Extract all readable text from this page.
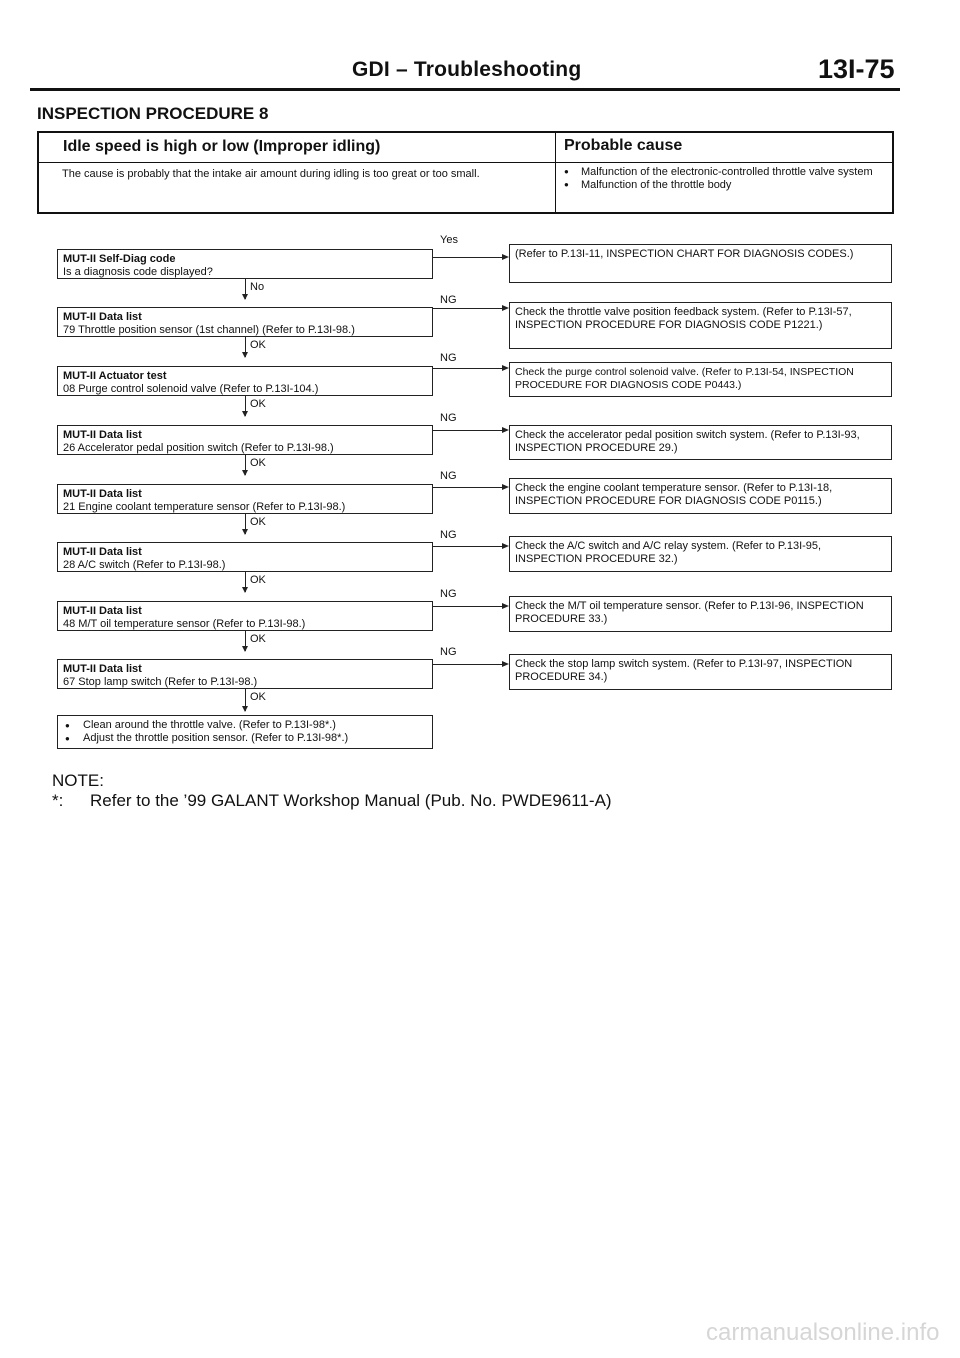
GDI – Troubleshooting	13I-75
INSPECTION PROCEDURE 8
Idle speed is high or low (Improper idling)	Probable cause
The cause is probably that the intake air amount during idling is too great or too small.
●	Malfunction of the electronic-controlled throttle valve system
● Malfunction of the throttle body
MUT-II Self-Diag code
Is a diagnosis code displayed?
Yes
(Refer to P.13I-11, INSPECTION CHART FOR DIAGNOSIS CODES.)
No
MUT-II Data list
79 Throttle position sensor (1st channel) (Refer to P.13I-98.)
NG
Check the throttle valve position feedback system. (Refer to P.13I-57, INSPECTION PROCEDURE FOR DIAGNOSIS CODE P1221.)
OK
MUT-II Actuator test
08 Purge control solenoid valve (Refer to P.13I-104.)
NG
Check the purge control solenoid valve. (Refer to P.13I-54, INSPECTION PROCEDURE FOR DIAGNOSIS CODE P0443.)
OK
MUT-II Data list
26 Accelerator pedal position switch (Refer to P.13I-98.)
NG
Check the accelerator pedal position switch system. (Refer to P.13I-93, INSPECTION PROCEDURE 29.)
OK
MUT-II Data list
21 Engine coolant temperature sensor (Refer to P.13I-98.)
NG
Check the engine coolant temperature sensor. (Refer to P.13I-18, INSPECTION PROCEDURE FOR DIAGNOSIS CODE P0115.)
OK
MUT-II Data list
28 A/C switch (Refer to P.13I-98.)
NG
Check the A/C switch and A/C relay system. (Refer to P.13I-95, INSPECTION PROCEDURE 32.)
OK
MUT-II Data list
48 M/T oil temperature sensor (Refer to P.13I-98.)
NG
Check the M/T oil temperature sensor. (Refer to P.13I-96, INSPECTION PROCEDURE 33.)
OK
MUT-II Data list
67 Stop lamp switch (Refer to P.13I-98.)
NG
Check the stop lamp switch system. (Refer to P.13I-97, INSPECTION PROCEDURE 34.)
OK
● Clean around the throttle valve. (Refer to P.13I-98*.)
● Adjust the throttle position sensor. (Refer to P.13I-98*.)
NOTE:
*: Refer to the ’99 GALANT Workshop Manual (Pub. No. PWDE9611-A)
carmanualsonline.info
